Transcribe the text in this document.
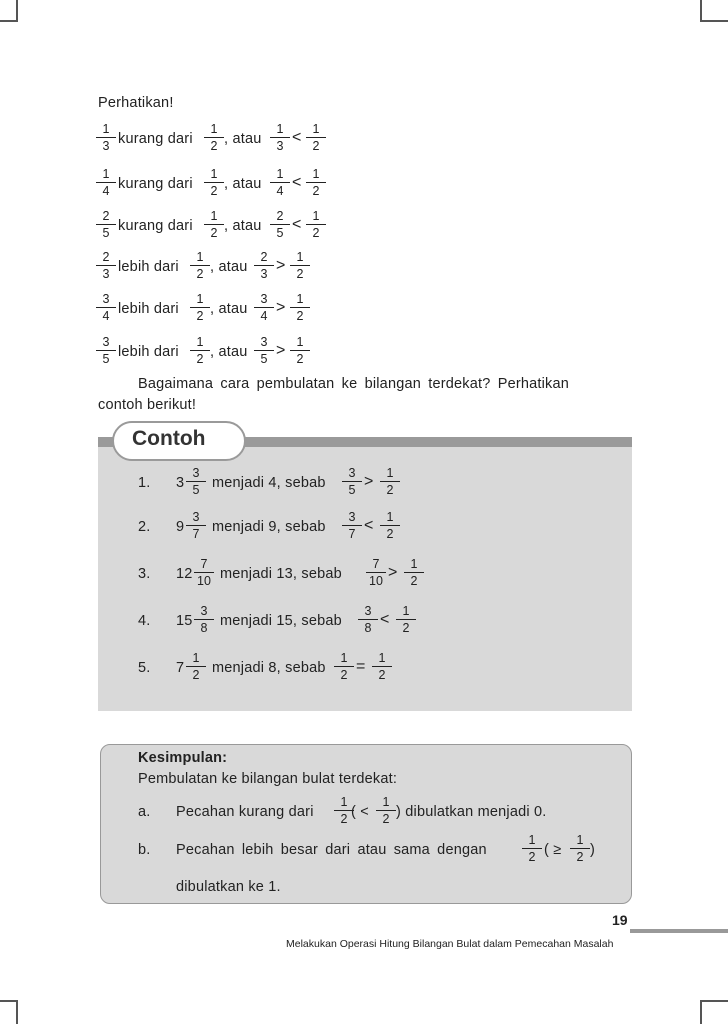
Perhatikan!
$\frac{1}{3}$ kurang dari $\frac{1}{2}$ , atau $\frac{1}{3} < \frac{1}{2}$
$\frac{1}{4}$ kurang dari $\frac{1}{2}$ , atau $\frac{1}{4} < \frac{1}{2}$
$\frac{2}{5}$ kurang dari $\frac{1}{2}$ , atau $\frac{2}{5} < \frac{1}{2}$
$\frac{2}{3}$ lebih dari $\frac{1}{2}$ , atau $\frac{2}{3} > \frac{1}{2}$
$\frac{3}{4}$ lebih dari $\frac{1}{2}$ , atau $\frac{3}{4} > \frac{1}{2}$
$\frac{3}{5}$ lebih dari $\frac{1}{2}$ , atau $\frac{3}{5} > \frac{1}{2}$
Bagaimana cara pembulatan ke bilangan terdekat? Perhatikan
contoh berikut!
Contoh
1. $3 \frac{3}{5}$ menjadi 4, sebab $\frac{3}{5} > \frac{1}{2}$
2. $9 \frac{3}{7}$ menjadi 9, sebab $\frac{3}{7} < \frac{1}{2}$
3. $12 \frac{7}{10}$ menjadi 13, sebab $\frac{7}{10} > \frac{1}{2}$
4. $15 \frac{3}{8}$ menjadi 15, sebab $\frac{3}{8} < \frac{1}{2}$
5. $7 \frac{1}{2}$ menjadi 8, sebab $\frac{1}{2} = \frac{1}{2}$
Kesimpulan:
Pembulatan ke bilangan bulat terdekat:
a. Pecahan kurang dari $\frac{1}{2}$
( < $\frac{1}{2}$ ) dibulatkan menjadi 0.
b. Pecahan lebih besar dari atau sama dengan	$\frac{1}{2}$ ( ≥ $\frac{1}{2}$ )
dibulatkan ke 1.
19
Melakukan Operasi Hitung Bilangan Bulat dalam Pemecahan Masalah
